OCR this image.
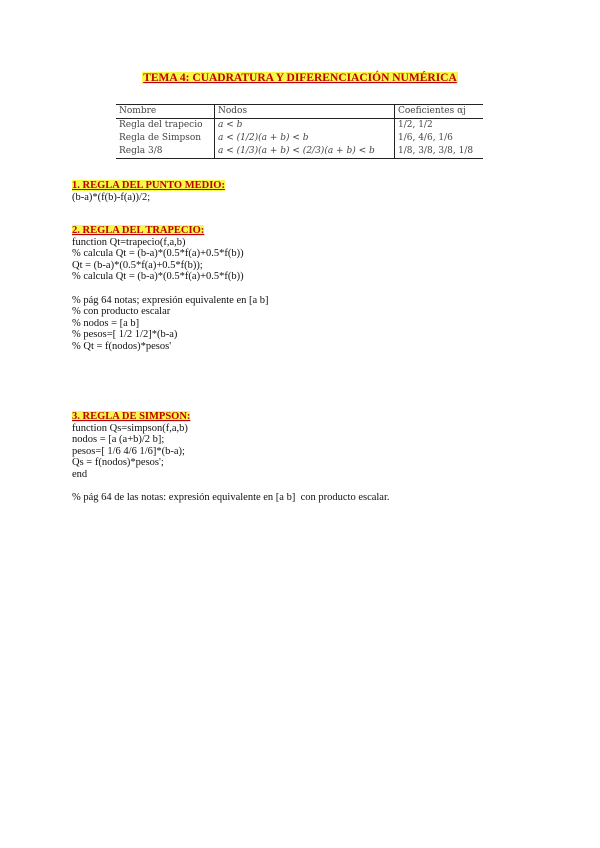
TEMA 4: CUADRATURA Y DIFERENCIACIÓN NUMÉRICA
Nombre	Nodos	Coeficientes αj
Regla del trapecio	a < b	1/2, 1/2
Regla de Simpson	a < (1/2)(a + b) < b	1/6, 4/6, 1/6
Regla 3/8	a < (1/3)(a + b) < (2/3)(a + b) < b	1/8, 3/8, 3/8, 1/8
1. REGLA DEL PUNTO MEDIO:
(b-a)*(f(b)-f(a))/2;
2. REGLA DEL TRAPECIO:
function Qt=trapecio(f,a,b)
% calcula Qt = (b-a)*(0.5*f(a)+0.5*f(b))
Qt = (b-a)*(0.5*f(a)+0.5*f(b));
% calcula Qt = (b-a)*(0.5*f(a)+0.5*f(b))

% pág 64 notas; expresión equivalente en [a b]
% con producto escalar
% nodos = [a b]
% pesos=[ 1/2 1/2]*(b-a)
% Qt = f(nodos)*pesos'
3. REGLA DE SIMPSON:
function Qs=simpson(f,a,b)
nodos = [a (a+b)/2 b];
pesos=[ 1/6 4/6 1/6]*(b-a);
Qs = f(nodos)*pesos';
end

% pág 64 de las notas: expresión equivalente en [a b]  con producto escalar.
